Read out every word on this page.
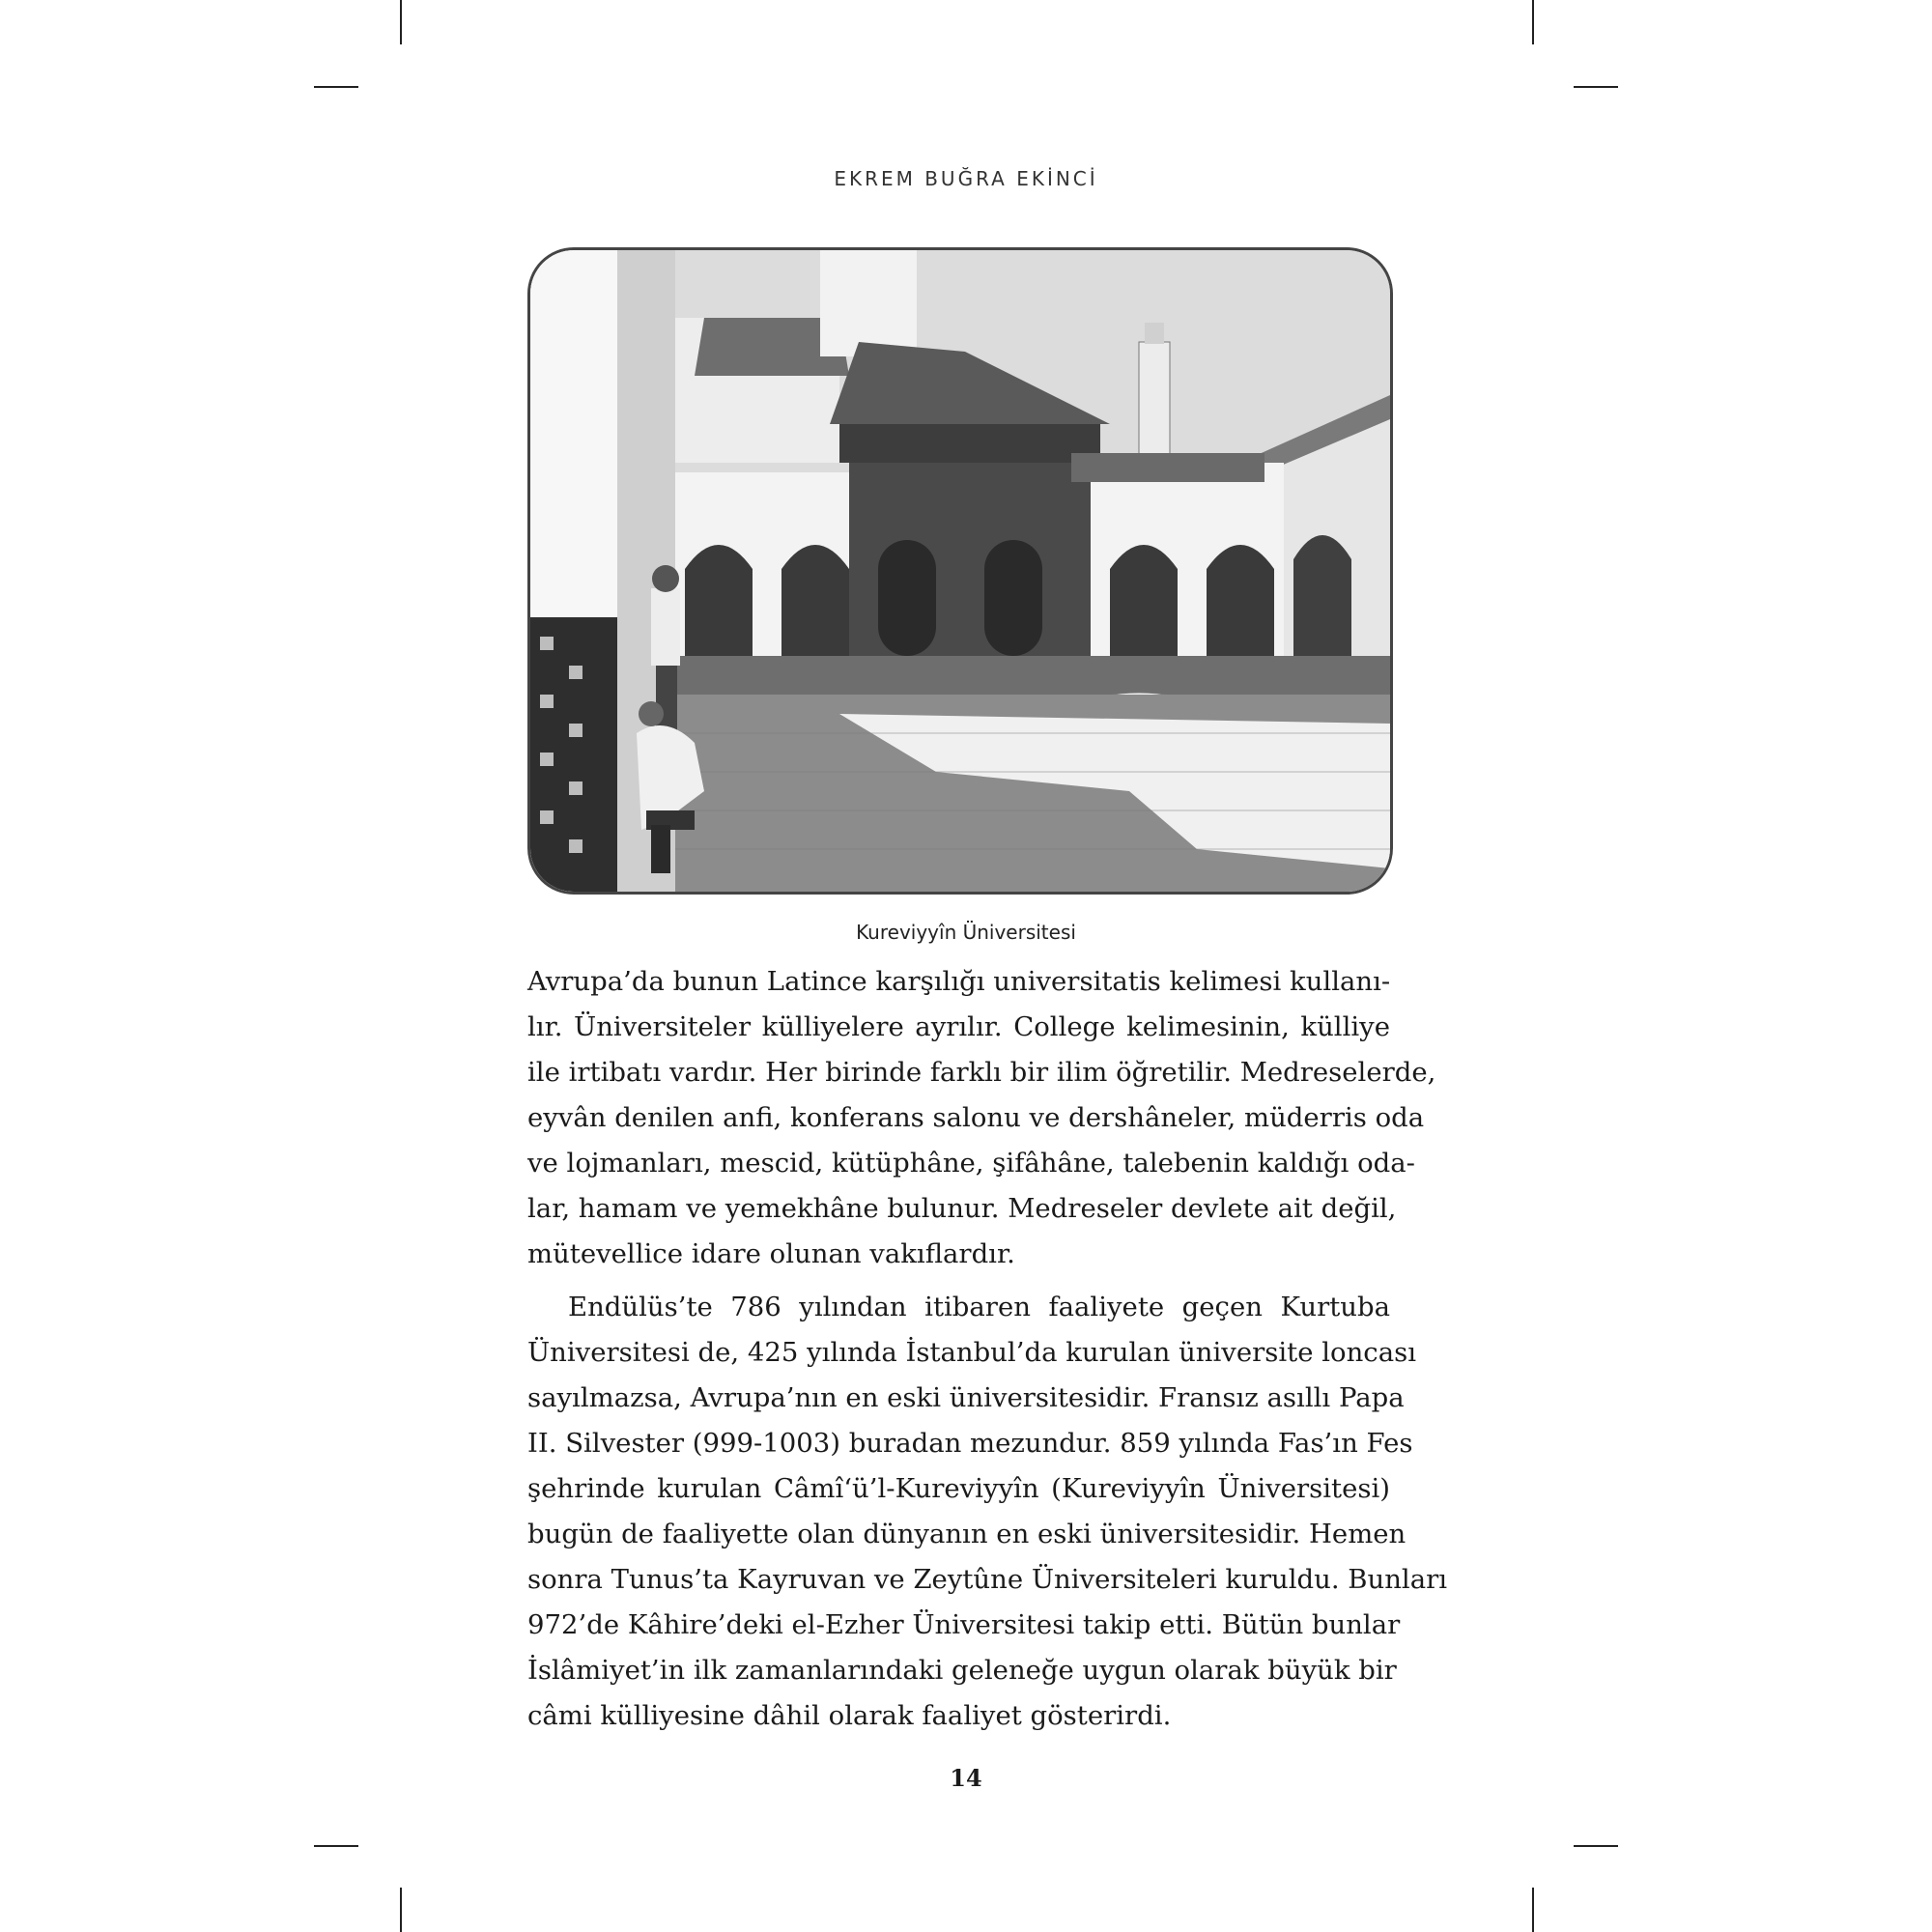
EKREM BUĞRA EKİNCİ
Kureviyyîn Üniversitesi

Avrupa’da bunun Latince karşılığı universitatis kelimesi kullanı-
lır. Üniversiteler külliyelere ayrılır. College kelimesinin, külliye
ile irtibatı vardır. Her birinde farklı bir ilim öğretilir. Medreselerde,
eyvân denilen anfi, konferans salonu ve dershâneler, müderris oda
ve lojmanları, mescid, kütüphâne, şifâhâne, talebenin kaldığı oda-
lar, hamam ve yemekhâne bulunur. Medreseler devlete ait değil,
mütevellice idare olunan vakıflardır.

Endülüs’te 786 yılından itibaren faaliyete geçen Kurtuba
Üniversitesi de, 425 yılında İstanbul’da kurulan üniversite loncası
sayılmazsa, Avrupa’nın en eski üniversitesidir. Fransız asıllı Papa
II. Silvester (999-1003) buradan mezundur. 859 yılında Fas’ın Fes
şehrinde kurulan Câmî‘ü’l-Kureviyyîn (Kureviyyîn Üniversitesi)
bugün de faaliyette olan dünyanın en eski üniversitesidir. Hemen
sonra Tunus’ta Kayruvan ve Zeytûne Üniversiteleri kuruldu. Bunları
972’de Kâhire’deki el-Ezher Üniversitesi takip etti. Bütün bunlar
İslâmiyet’in ilk zamanlarındaki geleneğe uygun olarak büyük bir
câmi külliyesine dâhil olarak faaliyet gösterirdi.

14
